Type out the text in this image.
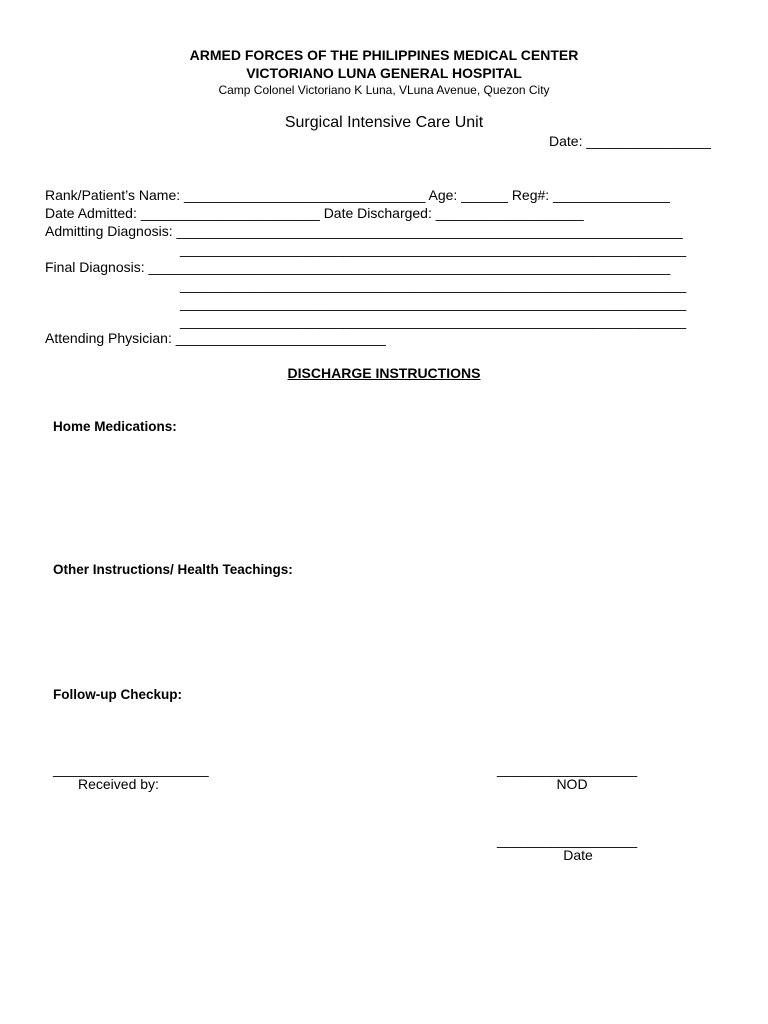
ARMED FORCES OF THE PHILIPPINES MEDICAL CENTER
VICTORIANO LUNA GENERAL HOSPITAL
Camp Colonel Victoriano K Luna, VLuna Avenue, Quezon City
Surgical Intensive Care Unit
Date: ________________
Rank/Patient’s Name: _______________________________ Age: ______ Reg#: _______________
Date Admitted: _______________________ Date Discharged: ___________________
Admitting Diagnosis: _________________________________________________________________
_________________________________________________________________
Final Diagnosis: ___________________________________________________________________
_________________________________________________________________
_________________________________________________________________
_________________________________________________________________
Attending Physician: ___________________________
DISCHARGE INSTRUCTIONS
Home Medications:
Other Instructions/ Health Teachings:
Follow-up Checkup:
____________________
Received by:
__________________
NOD
__________________
Date
